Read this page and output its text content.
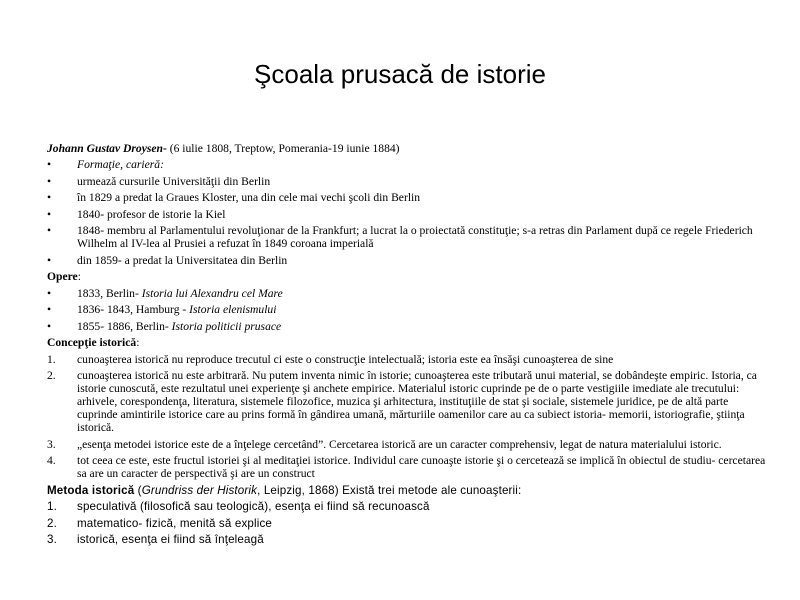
Şcoala prusacă de istorie

Johann Gustav Droysen- (6 iulie 1808, Treptow, Pomerania-19 iunie 1884)

•	Formaţie, carieră:
•	urmează cursurile Universităţii din Berlin
•	în 1829 a predat la Graues Kloster, una din cele mai vechi şcoli din Berlin
•	1840- profesor de istorie la Kiel
•	1848- membru al Parlamentului revoluţionar de la Frankfurt; a lucrat la o proiectată constituţie; s-a retras din Parlament după ce regele Friederich Wilhelm al IV-lea al Prusiei a refuzat în 1849 coroana imperială
•	din 1859- a predat la Universitatea din Berlin

Opere:

•	1833, Berlin- Istoria lui Alexandru cel Mare
•	1836- 1843, Hamburg - Istoria elenismului
•	1855- 1886, Berlin- Istoria politicii prusace

Concepţie istorică:

1.	cunoaşterea istorică nu reproduce trecutul ci este o construcţie intelectuală; istoria este ea însăşi cunoaşterea de sine
2.	cunoaşterea istorică nu este arbitrară. Nu putem inventa nimic în istorie; cunoaşterea este tributară unui material, se dobândeşte empiric. Istoria, ca istorie cunoscută, este rezultatul unei experienţe şi anchete empirice. Materialul istoric cuprinde pe de o parte vestigiile imediate ale trecutului: arhivele, corespondenţa, literatura, sistemele filozofice, muzica şi arhitectura, instituţiile de stat şi sociale, sistemele juridice, pe de altă parte cuprinde amintirile istorice care au prins formă în gândirea umană, mărturiile oamenilor care au ca subiect istoria- memorii, istoriografie, ştiinţa istorică.
3.	„esenţa metodei istorice este de a înţelege cercetând”. Cercetarea istorică are un caracter comprehensiv, legat de natura materialului istoric.
4.	tot ceea ce este, este fructul istoriei şi al meditaţiei istorice. Individul care cunoaşte istorie şi o cercetează se implică în obiectul de studiu- cercetarea sa are un caracter de perspectivă şi are un construct

Metoda istorică (Grundriss der Historik, Leipzig, 1868) Există trei metode ale cunoaşterii:

1.	speculativă (filosofică sau teologică), esenţa ei fiind să recunoască
2.	matematico- fizică, menită să explice
3.	istorică, esenţa ei fiind să înţeleagă
